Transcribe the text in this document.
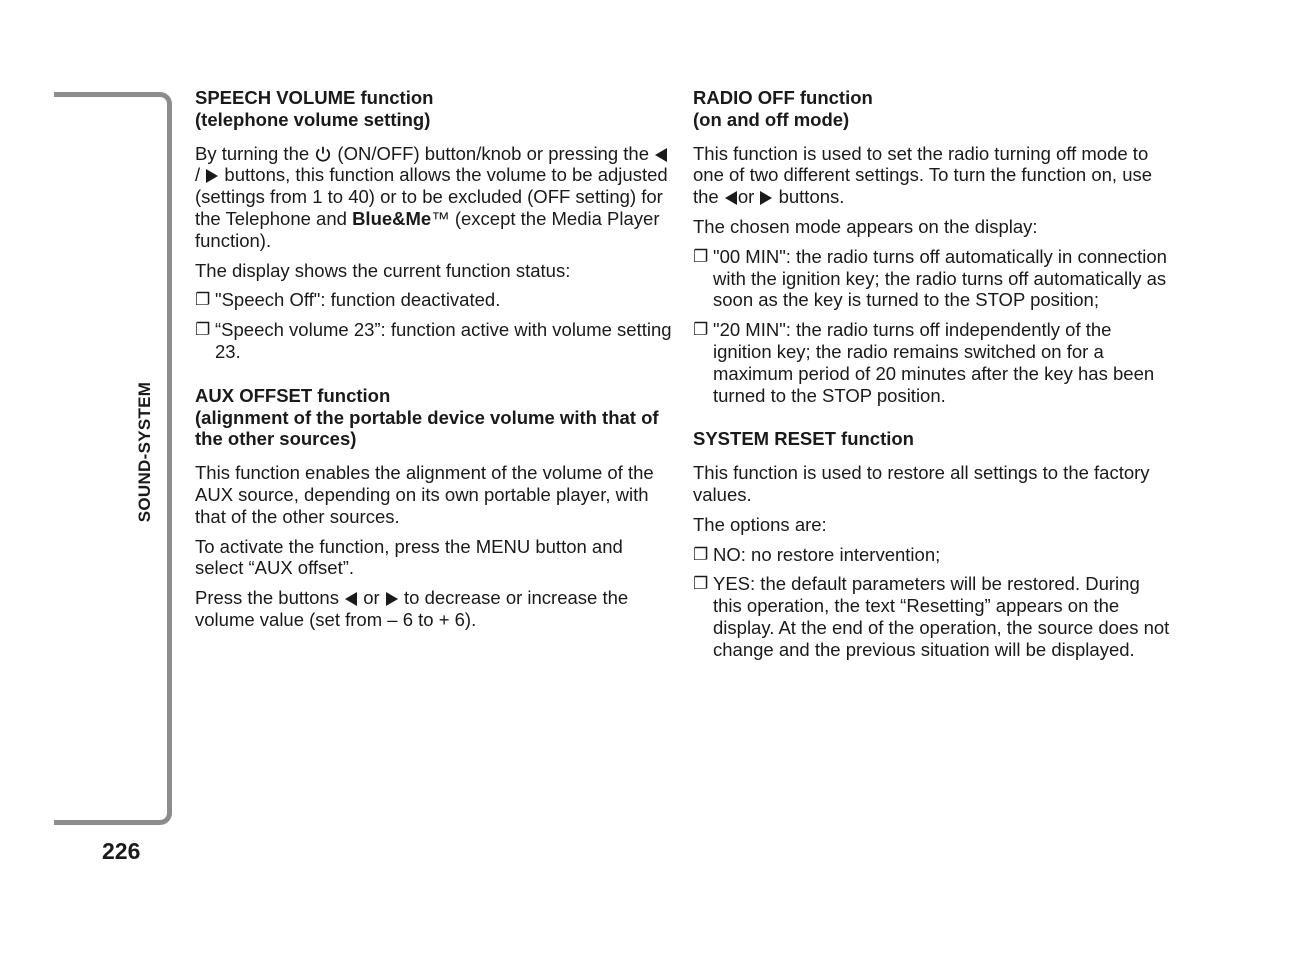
SOUND-SYSTEM
226
SPEECH VOLUME function
(telephone volume setting)

By turning the  (ON/OFF) button/knob or pressing the /  buttons, this function allows the volume to be adjusted (settings from 1 to 40) or to be excluded (OFF setting) for the Telephone and Blue&Me™ (except the Media Player function).

The display shows the current function status:

❐ "Speech Off": function deactivated.
❐ “Speech volume 23”: function active with volume setting 23.
AUX OFFSET function
(alignment of the portable device volume with that of the other sources)

This function enables the alignment of the volume of the AUX source, depending on its own portable player, with that of the other sources.

To activate the function, press the MENU button and select “AUX offset”.

Press the buttons  or  to decrease or increase the volume value (set from – 6 to + 6).

RADIO OFF function
(on and off mode)

This function is used to set the radio turning off mode to one of two different settings. To turn the function on, use the or  buttons.

The chosen mode appears on the display:

❐ "00 MIN": the radio turns off automatically in connection with the ignition key; the radio turns off automatically as soon as the key is turned to the STOP position;
❐ "20 MIN": the radio turns off independently of the ignition key; the radio remains switched on for a maximum period of 20 minutes after the key has been turned to the STOP position.
SYSTEM RESET function

This function is used to restore all settings to the factory values.

The options are:

❐ NO: no restore intervention;
❐ YES: the default parameters will be restored. During this operation, the text “Resetting” appears on the display. At the end of the operation, the source does not change and the previous situation will be displayed.
